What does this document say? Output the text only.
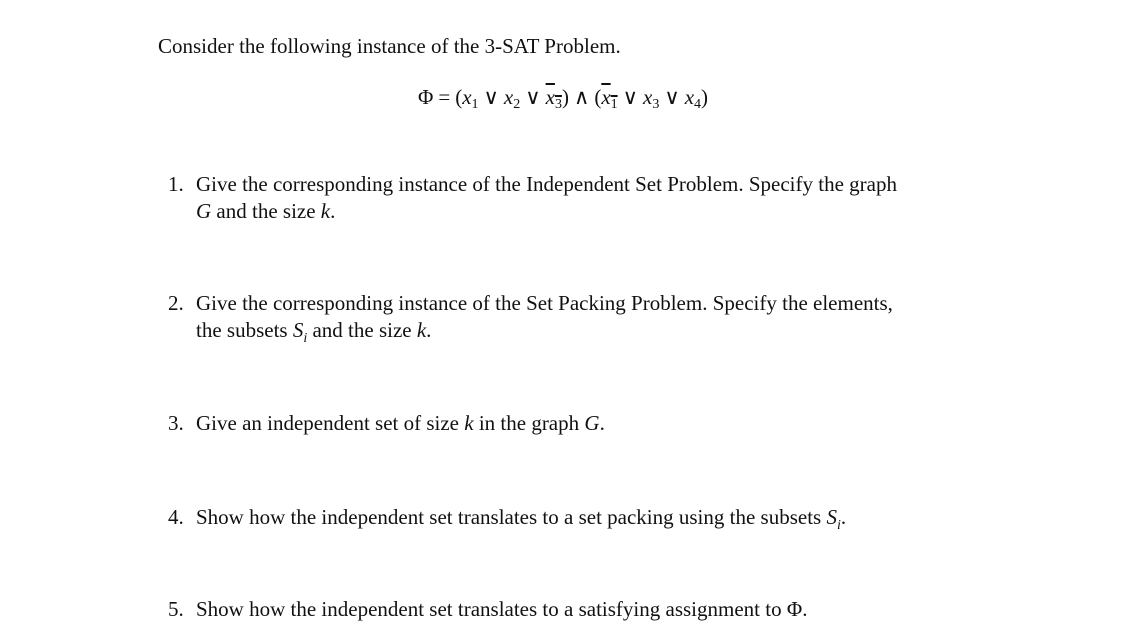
Consider the following instance of the 3-SAT Problem.
$\Phi = (x_1$ ∨ $x_2$ ∨ $x_3$) ∧ ($x_1$ ∨ $x_3$ ∨ $x_4$)
1. Give the corresponding instance of the Independent Set Problem. Specify the graph
G and the size k.
2. Give the corresponding instance of the Set Packing Problem. Specify the elements,
the subsets $S_i$ and the size k.
3. Give an independent set of size k in the graph G.
4. Show how the independent set translates to a set packing using the subsets $S_i$.
5. Show how the independent set translates to a satisfying assignment to Φ.
